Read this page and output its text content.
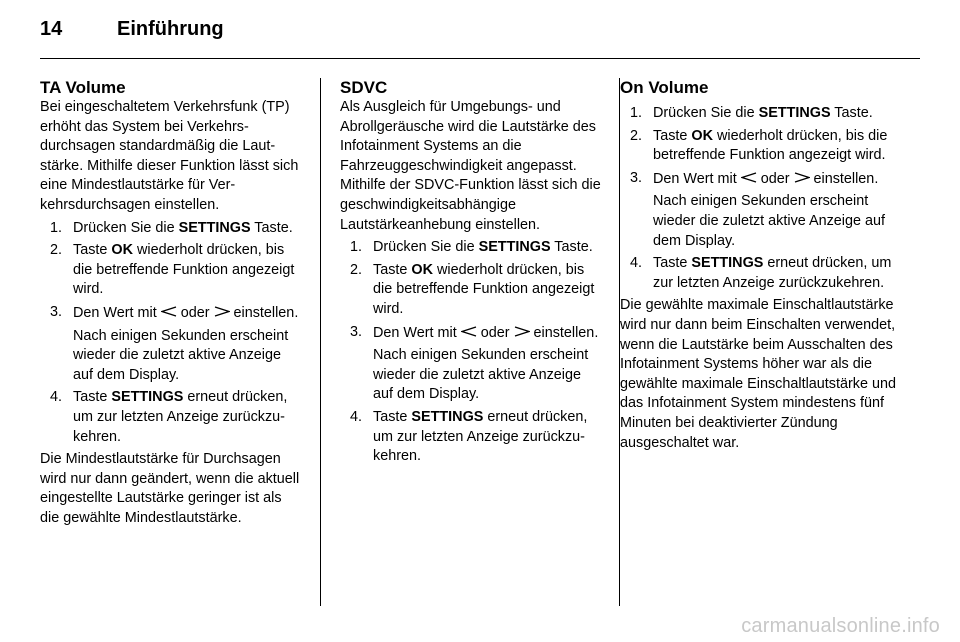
14	Einführung
TA Volume

Bei eingeschaltetem Verkehrsfunk (TP) erhöht das System bei Verkehrsdurchsagen standardmäßig die Lautstärke. Mithilfe dieser Funktion lässt sich eine Mindestlautstärke für Verkehrsdurchsagen einstellen.

1. Drücken Sie die SETTINGS Taste.
2. Taste OK wiederholt drücken, bis die betreffende Funktion angezeigt wird.
3. Den Wert mit  oder  einstellen.

Nach einigen Sekunden erscheint wieder die zuletzt aktive Anzeige auf dem Display.

4. Taste SETTINGS erneut drücken, um zur letzten Anzeige zurückzukehren.

Die Mindestlautstärke für Durchsagen wird nur dann geändert, wenn die aktuell eingestellte Lautstärke geringer ist als die gewählte Mindestlautstärke.

SDVC

Als Ausgleich für Umgebungs- und Abrollgeräusche wird die Lautstärke des Infotainment Systems an die Fahrzeuggeschwindigkeit angepasst. Mithilfe der SDVC-Funktion lässt sich die geschwindigkeitsabhängige Lautstärkeanhebung einstellen.

1. Drücken Sie die SETTINGS Taste.
2. Taste OK wiederholt drücken, bis die betreffende Funktion angezeigt wird.
3. Den Wert mit  oder  einstellen.

Nach einigen Sekunden erscheint wieder die zuletzt aktive Anzeige auf dem Display.

4. Taste SETTINGS erneut drücken, um zur letzten Anzeige zurückzukehren.
On Volume
1. Drücken Sie die SETTINGS Taste.
2. Taste OK wiederholt drücken, bis die betreffende Funktion angezeigt wird.
3. Den Wert mit  oder  einstellen.

Nach einigen Sekunden erscheint wieder die zuletzt aktive Anzeige auf dem Display.

4. Taste SETTINGS erneut drücken, um zur letzten Anzeige zurückzukehren.

Die gewählte maximale Einschaltlautstärke wird nur dann beim Einschalten verwendet, wenn die Lautstärke beim Ausschalten des Infotainment Systems höher war als die gewählte maximale Einschaltlautstärke und das Infotainment System mindestens fünf Minuten bei deaktivierter Zündung ausgeschaltet war.

carmanualsonline.info
